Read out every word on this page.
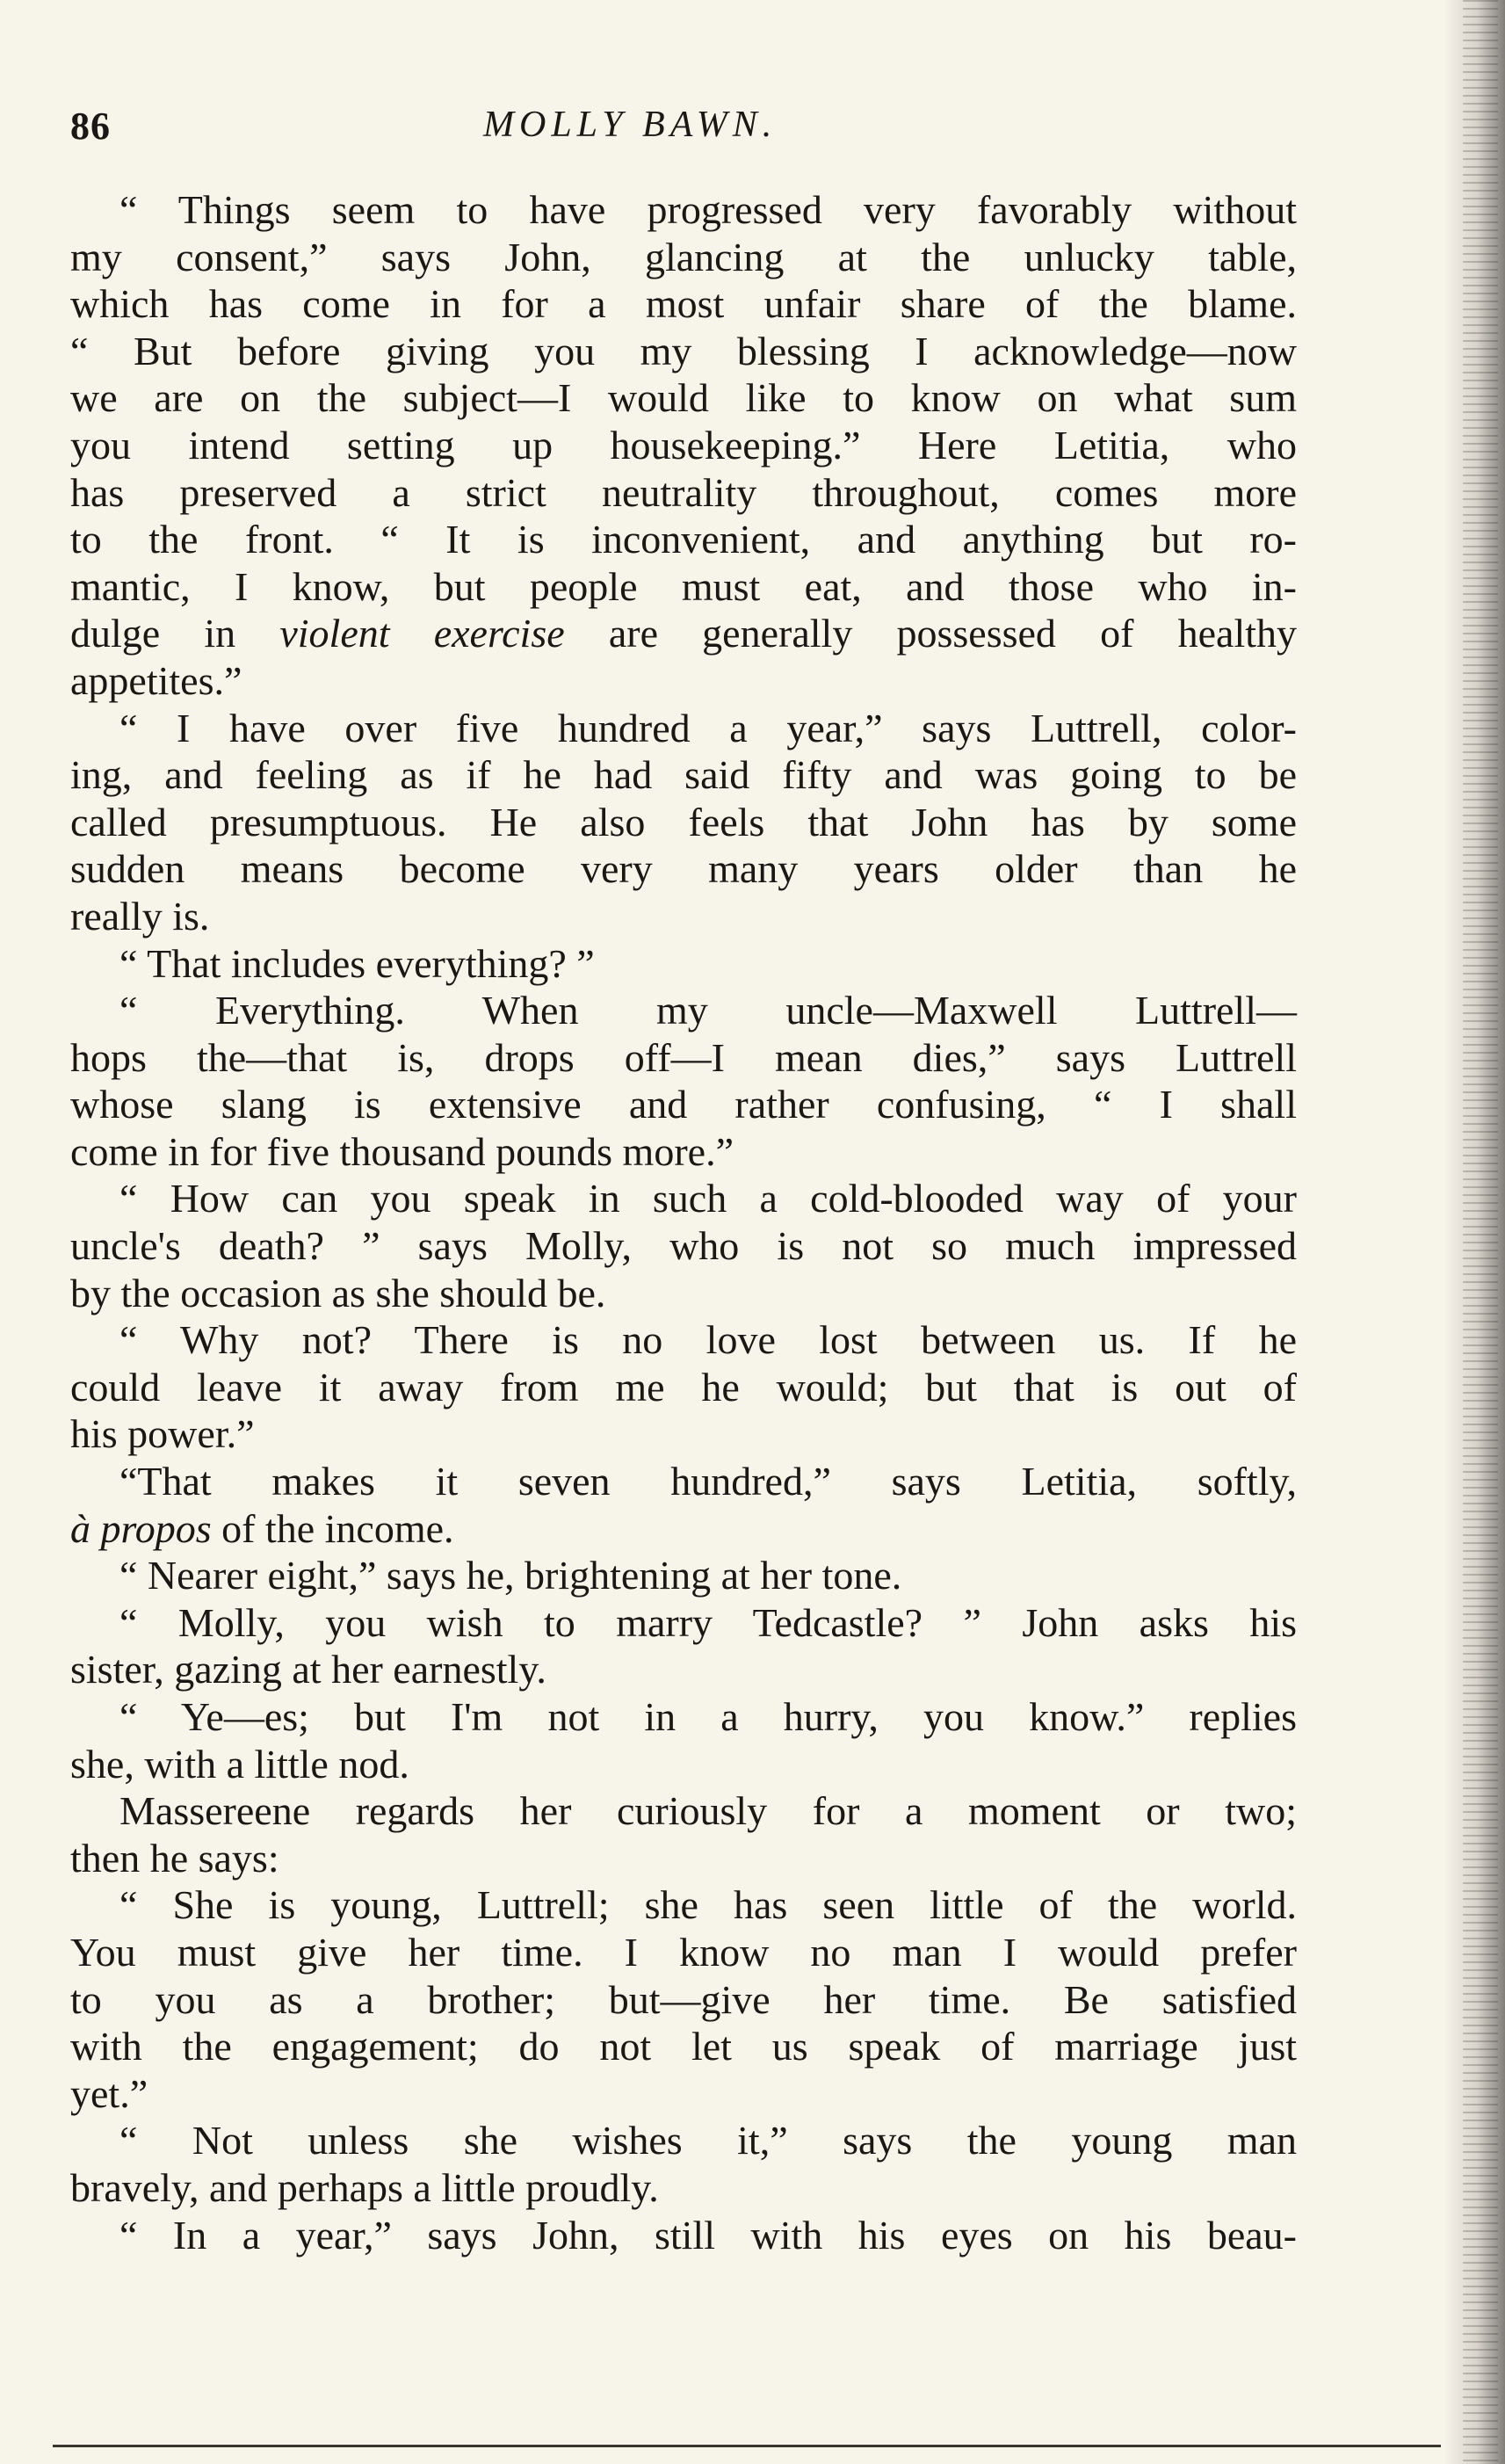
86	MOLLY BAWN.
“ Things seem to have progressed very favorably without
my consent,” says John, glancing at the unlucky table,
which has come in for a most unfair share of the blame.
“ But before giving you my blessing I acknowledge—now
we are on the subject—I would like to know on what sum
you intend setting up housekeeping.” Here Letitia, who
has preserved a strict neutrality throughout, comes more
to the front. “ It is inconvenient, and anything but ro-
mantic, I know, but people must eat, and those who in-
dulge in violent exercise are generally possessed of healthy
appetites.”
“ I have over five hundred a year,” says Luttrell, color-
ing, and feeling as if he had said fifty and was going to be
called presumptuous. He also feels that John has by some
sudden means become very many years older than he
really is.
“ That includes everything? ”
“ Everything. When my uncle—Maxwell Luttrell—
hops the—that is, drops off—I mean dies,” says Luttrell
whose slang is extensive and rather confusing, “ I shall
come in for five thousand pounds more.”
“ How can you speak in such a cold-blooded way of your
uncle's death? ” says Molly, who is not so much impressed
by the occasion as she should be.
“ Why not? There is no love lost between us. If he
could leave it away from me he would; but that is out of
his power.”
“That makes it seven hundred,” says Letitia, softly,
à propos of the income.
“ Nearer eight,” says he, brightening at her tone.
“ Molly, you wish to marry Tedcastle? ” John asks his
sister, gazing at her earnestly.
“ Ye—es; but I'm not in a hurry, you know.” replies
she, with a little nod.
Massereene regards her curiously for a moment or two;
then he says:
“ She is young, Luttrell; she has seen little of the world.
You must give her time. I know no man I would prefer
to you as a brother; but—give her time. Be satisfied
with the engagement; do not let us speak of marriage just
yet.”
“ Not unless she wishes it,” says the young man
bravely, and perhaps a little proudly.
“ In a year,” says John, still with his eyes on his beau-
